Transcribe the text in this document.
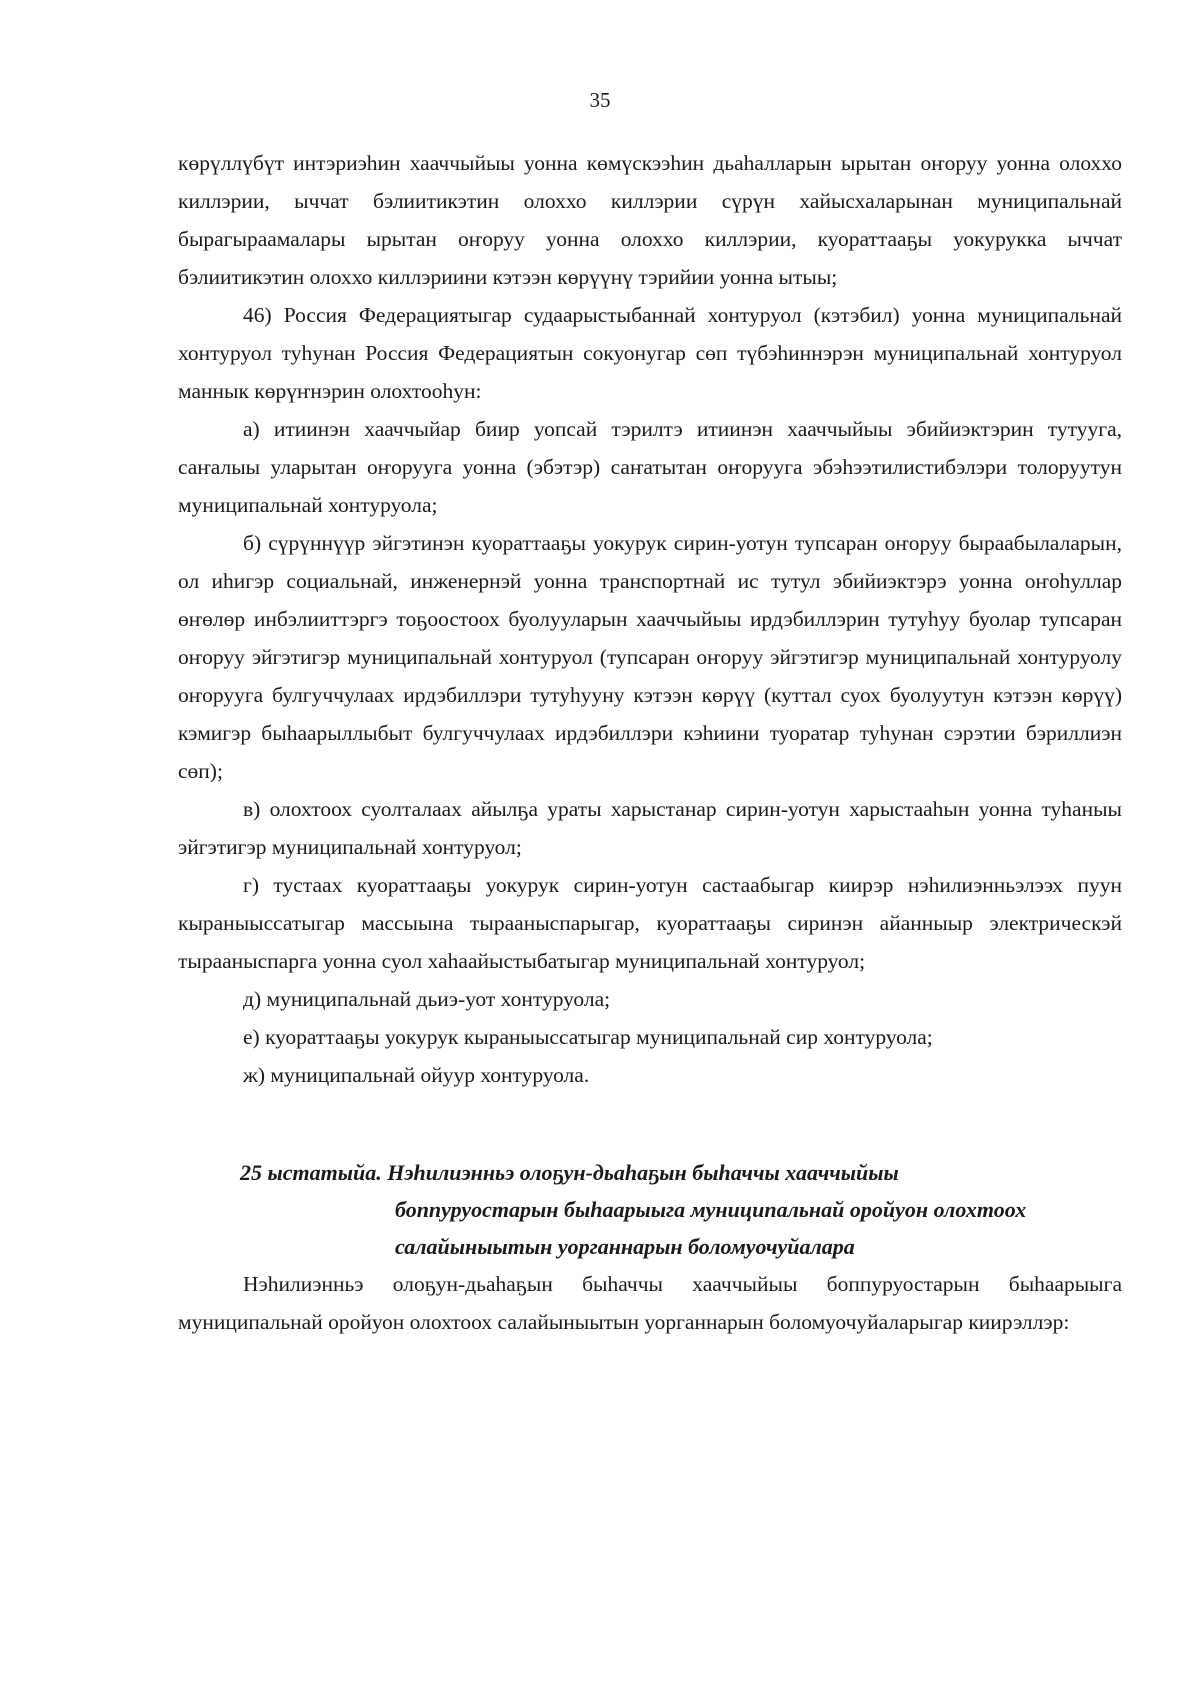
35

көрүллүбүт интэриэhин хааччыйыы уонна көмүскээhин дьаhалларын ырытан оҥоруу уонна олоххо киллэрии, ыччат бэлиитикэтин олоххо киллэрии сүрүн хайысхаларынан муниципальнай бырагыраамалары ырытан оҥоруу уонна олоххо киллэрии, куораттааҕы уокурукка ыччат бэлиитикэтин олоххо киллэриини кэтээн көрүүнү тэрийии уонна ытыы;

46) Россия Федерациятыгар судаарыстыбаннай хонтуруол (кэтэбил) уонна муниципальнай хонтуруол туhунан Россия Федерациятын сокуонугар сөп түбэhиннэрэн муниципальнай хонтуруол маннык көрүҥнэрин олохтооhун:

а) итиинэн хааччыйар биир уопсай тэрилтэ итиинэн хааччыйыы эбийиэктэрин тутууга, саҥалыы уларытан оҥорууга уонна (эбэтэр) саҥатытан оҥорууга эбэhээтилистибэлэри толоруутун муниципальнай хонтуруола;

б) сүрүннүүр эйгэтинэн куораттааҕы уокурук сирин-уотун тупсаран оҥоруу быраабылаларын, ол иhигэр социальнай, инженернэй уонна транспортнай ис тутул эбийиэктэрэ уонна оҥоhуллар өҥөлөр инбэлииттэргэ тоҕоостоох буолууларын хааччыйыы ирдэбиллэрин тутуhуу буолар тупсаран оҥоруу эйгэтигэр муниципальнай хонтуруол (тупсаран оҥоруу эйгэтигэр муниципальнай хонтуруолу оҥорууга булгуччулаах ирдэбиллэри тутуhууну кэтээн көрүү (куттал суох буолуутун кэтээн көрүү) кэмигэр быhаарыллыбыт булгуччулаах ирдэбиллэри кэhиини туоратар туhунан сэрэтии бэриллиэн сөп);

в) олохтоох суолталаах айылҕа ураты харыстанар сирин-уотун харыстааhын уонна туhаныы эйгэтигэр муниципальнай хонтуруол;

г) тустаах куораттааҕы уокурук сирин-уотун састаабыгар киирэр нэhилиэнньэлээх пуун кыраныыссатыгар массыына тырааныспарыгар, куораттааҕы сиринэн айанныыр электрическэй тырааныспарга уонна суол хаhаайыстыбатыгар муниципальнай хонтуруол;

д) муниципальнай дьиэ-уот хонтуруола;

е) куораттааҕы уокурук кыраныыссатыгар муниципальнай сир хонтуруола;

ж) муниципальнай ойуур хонтуруола.

25 ыстатыйа. Нэhилиэнньэ олоҕун-дьаhаҕын быhаччы хааччыйыы
боппуруостарын быhаарыыга муниципальнай оройуон олохтоох салайыныытын уорганнарын боломуочуйалара

Нэhилиэнньэ олоҕун-дьаhаҕын быhаччы хааччыйыы боппуруостарын быhаарыыга муниципальнай оройуон олохтоох салайыныытын уорганнарын боломуочуйаларыгар киирэллэр:
